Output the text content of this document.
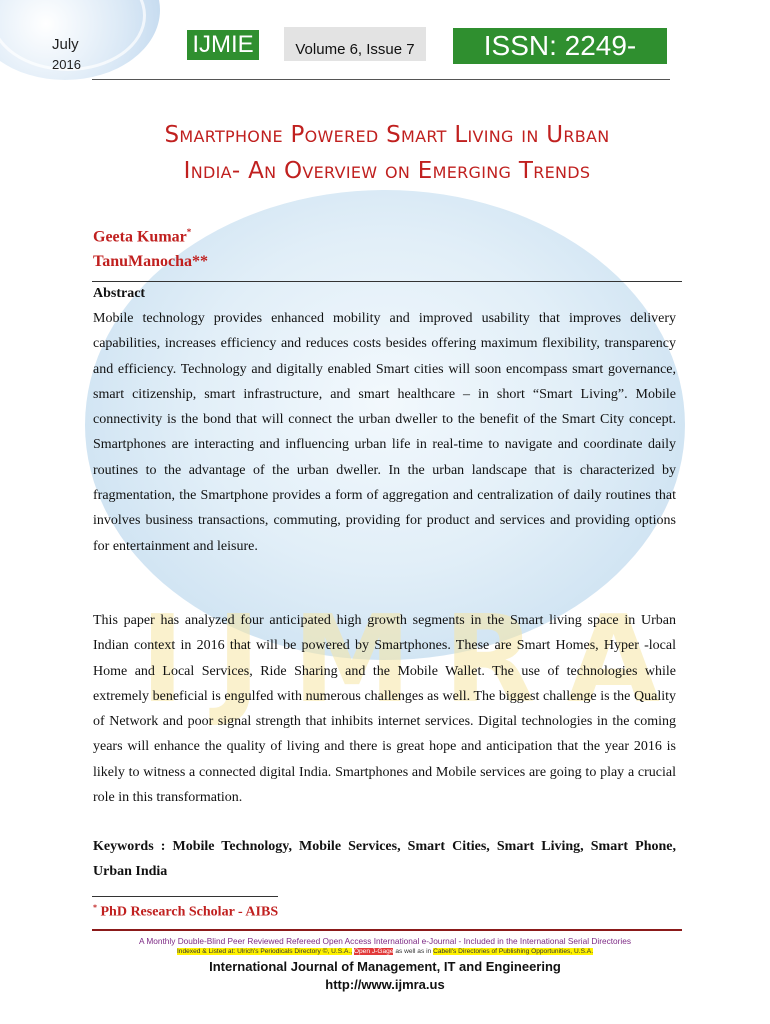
I J M R A
July
2016
IJMIE	Volume 6, Issue 7	ISSN: 2249-0558
Smartphone Powered Smart Living in Urban
India- An Overview on Emerging Trends
Geeta Kumar*
TanuManocha**
Abstract

Mobile technology provides enhanced mobility and improved usability that improves delivery capabilities, increases efficiency and reduces costs besides offering maximum flexibility, transparency and efficiency. Technology and digitally enabled Smart cities will soon encompass smart governance, smart citizenship, smart infrastructure, and smart healthcare – in short “Smart Living”. Mobile connectivity is the bond that will connect the urban dweller to the benefit of the Smart City concept. Smartphones are interacting and influencing urban life in real-time to navigate and coordinate daily routines to the advantage of the urban dweller. In the urban landscape that is characterized by fragmentation, the Smartphone provides a form of aggregation and centralization of daily routines that involves business transactions, commuting, providing for product and services and providing options for entertainment and leisure.

This paper has analyzed four anticipated high growth segments in the Smart living space in Urban Indian context in 2016 that will be powered by Smartphones. These are Smart Homes, Hyper -local Home and Local Services, Ride Sharing and the Mobile Wallet. The use of technologies while extremely beneficial is engulfed with numerous challenges as well. The biggest challenge is the Quality of Network and poor signal strength that inhibits internet services. Digital technologies in the coming years will enhance the quality of living and there is great hope and anticipation that the year 2016 is likely to witness a connected digital India. Smartphones and Mobile services are going to play a crucial role in this transformation.

Keywords : Mobile Technology, Mobile Services, Smart Cities, Smart Living, Smart Phone, Urban India

* PhD Research Scholar - AIBS
A Monthly Double-Blind Peer Reviewed Refereed Open Access International e-Journal - Included in the International Serial Directories
Indexed & Listed at: Ulrich's Periodicals Directory ©, U.S.A., Open J-Gage as well as in Cabell's Directories of Publishing Opportunities, U.S.A.
International Journal of Management, IT and Engineering
http://www.ijmra.us
